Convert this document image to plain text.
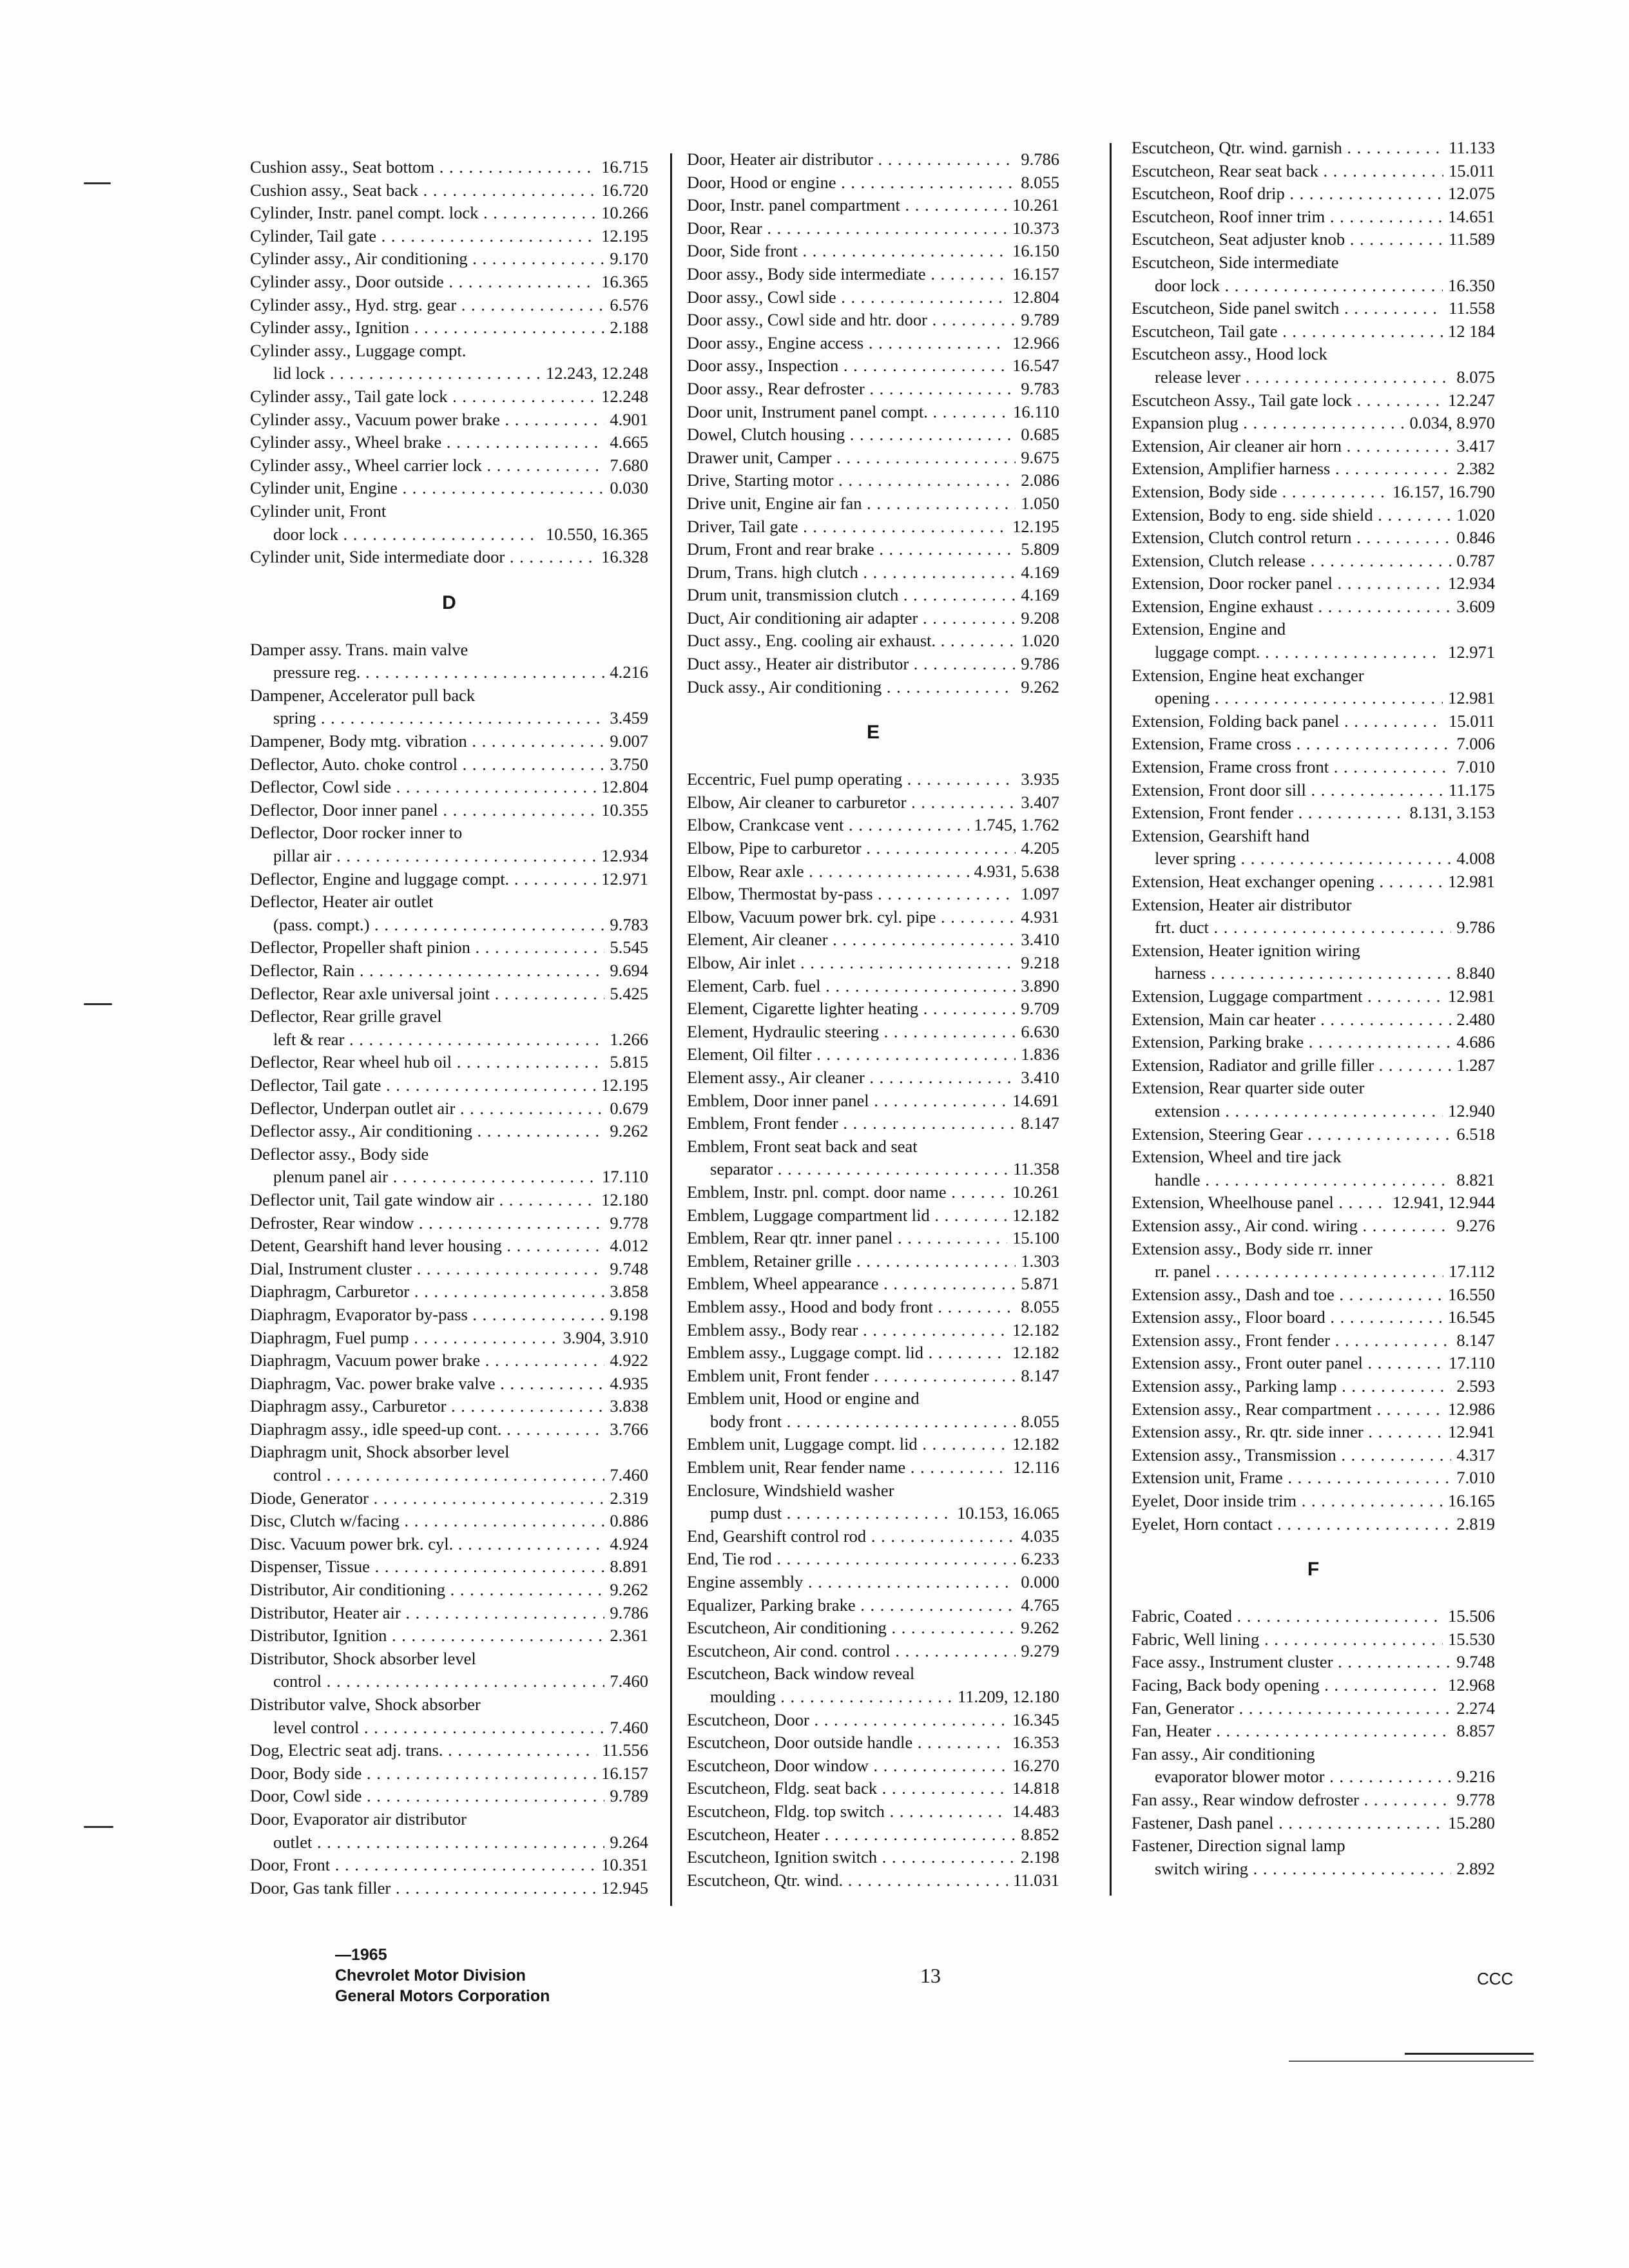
Cushion assy., Seat bottom . . .	16.715
Cushion assy., Seat back . . .	16.720
Cylinder, Instr. panel compt. lock . . .	10.266
Cylinder, Tail gate . . .	12.195
Cylinder assy., Air conditioning . . .	9.170
Cylinder assy., Door outside . . .	16.365
Cylinder assy., Hyd. strg. gear . . .	6.576
Cylinder assy., Ignition . . .	2.188
Cylinder assy., Luggage compt.
lid lock . . .	12.243, 12.248
Cylinder assy., Tail gate lock . . .	12.248
Cylinder assy., Vacuum power brake . . .	4.901
Cylinder assy., Wheel brake . . .	4.665
Cylinder assy., Wheel carrier lock . . .	7.680
Cylinder unit, Engine . . .	0.030
Cylinder unit, Front
door lock . . .	10.550, 16.365
Cylinder unit, Side intermediate door . . .	16.328
D
Damper assy. Trans. main valve
pressure reg. . . .	4.216
Dampener, Accelerator pull back
spring . . .	3.459
Dampener, Body mtg. vibration . . .	9.007
Deflector, Auto. choke control . . .	3.750
Deflector, Cowl side . . .	12.804
Deflector, Door inner panel . . .	10.355
Deflector, Door rocker inner to
pillar air . . .	12.934
Deflector, Engine and luggage compt. . . .	12.971
Deflector, Heater air outlet
(pass. compt.) . . .	9.783
Deflector, Propeller shaft pinion . . .	5.545
Deflector, Rain . . .	9.694
Deflector, Rear axle universal joint . . .	5.425
Deflector, Rear grille gravel
left & rear . . .	1.266
Deflector, Rear wheel hub oil . . .	5.815
Deflector, Tail gate . . .	12.195
Deflector, Underpan outlet air . . .	0.679
Deflector assy., Air conditioning . . .	9.262
Deflector assy., Body side
plenum panel air . . .	17.110
Deflector unit, Tail gate window air . . .	12.180
Defroster, Rear window . . .	9.778
Detent, Gearshift hand lever housing . . .	4.012
Dial, Instrument cluster . . .	9.748
Diaphragm, Carburetor . . .	3.858
Diaphragm, Evaporator by-pass . . .	9.198
Diaphragm, Fuel pump . . .	3.904, 3.910
Diaphragm, Vacuum power brake . . .	4.922
Diaphragm, Vac. power brake valve . . .	4.935
Diaphragm assy., Carburetor . . .	3.838
Diaphragm assy., idle speed-up cont. . . .	3.766
Diaphragm unit, Shock absorber level
control . . .	7.460
Diode, Generator . . .	2.319
Disc, Clutch w/facing . . .	0.886
Disc. Vacuum power brk. cyl. . . .	4.924
Dispenser, Tissue . . .	8.891
Distributor, Air conditioning . . .	9.262
Distributor, Heater air . . .	9.786
Distributor, Ignition . . .	2.361
Distributor, Shock absorber level
control . . .	7.460
Distributor valve, Shock absorber
level control . . .	7.460
Dog, Electric seat adj. trans. . . .	11.556
Door, Body side . . .	16.157
Door, Cowl side . . .	9.789
Door, Evaporator air distributor
outlet . . .	9.264
Door, Front . . .	10.351
Door, Gas tank filler . . .	12.945
Door, Heater air distributor . . .	9.786
Door, Hood or engine . . .	8.055
Door, Instr. panel compartment . . .	10.261
Door, Rear . . .	10.373
Door, Side front . . .	16.150
Door assy., Body side intermediate . . .	16.157
Door assy., Cowl side . . .	12.804
Door assy., Cowl side and htr. door . . .	9.789
Door assy., Engine access . . .	12.966
Door assy., Inspection . . .	16.547
Door assy., Rear defroster . . .	9.783
Door unit, Instrument panel compt. . . .	16.110
Dowel, Clutch housing . . .	0.685
Drawer unit, Camper . . .	9.675
Drive, Starting motor . . .	2.086
Drive unit, Engine air fan . . .	1.050
Driver, Tail gate . . .	12.195
Drum, Front and rear brake . . .	5.809
Drum, Trans. high clutch . . .	4.169
Drum unit, transmission clutch . . .	4.169
Duct, Air conditioning air adapter . . .	9.208
Duct assy., Eng. cooling air exhaust. . . .	1.020
Duct assy., Heater air distributor . . .	9.786
Duck assy., Air conditioning . . .	9.262
E
Eccentric, Fuel pump operating . . .	3.935
Elbow, Air cleaner to carburetor . . .	3.407
Elbow, Crankcase vent . . .	1.745, 1.762
Elbow, Pipe to carburetor . . .	4.205
Elbow, Rear axle . . .	4.931, 5.638
Elbow, Thermostat by-pass . . .	1.097
Elbow, Vacuum power brk. cyl. pipe . . .	4.931
Element, Air cleaner . . .	3.410
Elbow, Air inlet . . .	9.218
Element, Carb. fuel . . .	3.890
Element, Cigarette lighter heating . . .	9.709
Element, Hydraulic steering . . .	6.630
Element, Oil filter . . .	1.836
Element assy., Air cleaner . . .	3.410
Emblem, Door inner panel . . .	14.691
Emblem, Front fender . . .	8.147
Emblem, Front seat back and seat
separator . . .	11.358
Emblem, Instr. pnl. compt. door name . . .	10.261
Emblem, Luggage compartment lid . . .	12.182
Emblem, Rear qtr. inner panel . . .	15.100
Emblem, Retainer grille . . .	1.303
Emblem, Wheel appearance . . .	5.871
Emblem assy., Hood and body front . . .	8.055
Emblem assy., Body rear . . .	12.182
Emblem assy., Luggage compt. lid . . .	12.182
Emblem unit, Front fender . . .	8.147
Emblem unit, Hood or engine and
body front . . .	8.055
Emblem unit, Luggage compt. lid . . .	12.182
Emblem unit, Rear fender name . . .	12.116
Enclosure, Windshield washer
pump dust . . .	10.153, 16.065
End, Gearshift control rod . . .	4.035
End, Tie rod . . .	6.233
Engine assembly . . .	0.000
Equalizer, Parking brake . . .	4.765
Escutcheon, Air conditioning . . .	9.262
Escutcheon, Air cond. control . . .	9.279
Escutcheon, Back window reveal
moulding . . .	11.209, 12.180
Escutcheon, Door . . .	16.345
Escutcheon, Door outside handle . . .	16.353
Escutcheon, Door window . . .	16.270
Escutcheon, Fldg. seat back . . .	14.818
Escutcheon, Fldg. top switch . . .	14.483
Escutcheon, Heater . . .	8.852
Escutcheon, Ignition switch . . .	2.198
Escutcheon, Qtr. wind. . . .	11.031
Escutcheon, Qtr. wind. garnish . . .	11.133
Escutcheon, Rear seat back . . .	15.011
Escutcheon, Roof drip . . .	12.075
Escutcheon, Roof inner trim . . .	14.651
Escutcheon, Seat adjuster knob . . .	11.589
Escutcheon, Side intermediate
door lock . . .	16.350
Escutcheon, Side panel switch . . .	11.558
Escutcheon, Tail gate . . .	12 184
Escutcheon assy., Hood lock
release lever . . .	8.075
Escutcheon Assy., Tail gate lock . . .	12.247
Expansion plug . . .	0.034, 8.970
Extension, Air cleaner air horn . . .	3.417
Extension, Amplifier harness . . .	2.382
Extension, Body side . . .	16.157, 16.790
Extension, Body to eng. side shield . . .	1.020
Extension, Clutch control return . . .	0.846
Extension, Clutch release . . .	0.787
Extension, Door rocker panel . . .	12.934
Extension, Engine exhaust . . .	3.609
Extension, Engine and
luggage compt. . . .	12.971
Extension, Engine heat exchanger
opening . . .	12.981
Extension, Folding back panel . . .	15.011
Extension, Frame cross . . .	7.006
Extension, Frame cross front . . .	7.010
Extension, Front door sill . . .	11.175
Extension, Front fender . . .	8.131, 3.153
Extension, Gearshift hand
lever spring . . .	4.008
Extension, Heat exchanger opening . . .	12.981
Extension, Heater air distributor
frt. duct . . .	9.786
Extension, Heater ignition wiring
harness . . .	8.840
Extension, Luggage compartment . . .	12.981
Extension, Main car heater . . .	2.480
Extension, Parking brake . . .	4.686
Extension, Radiator and grille filler . . .	1.287
Extension, Rear quarter side outer
extension . . .	12.940
Extension, Steering Gear . . .	6.518
Extension, Wheel and tire jack
handle . . .	8.821
Extension, Wheelhouse panel . . .	12.941, 12.944
Extension assy., Air cond. wiring . . .	9.276
Extension assy., Body side rr. inner
rr. panel . . .	17.112
Extension assy., Dash and toe . . .	16.550
Extension assy., Floor board . . .	16.545
Extension assy., Front fender . . .	8.147
Extension assy., Front outer panel . . .	17.110
Extension assy., Parking lamp . . .	2.593
Extension assy., Rear compartment . . .	12.986
Extension assy., Rr. qtr. side inner . . .	12.941
Extension assy., Transmission . . .	4.317
Extension unit, Frame . . .	7.010
Eyelet, Door inside trim . . .	16.165
Eyelet, Horn contact . . .	2.819
F
Fabric, Coated . . .	15.506
Fabric, Well lining . . .	15.530
Face assy., Instrument cluster . . .	9.748
Facing, Back body opening . . .	12.968
Fan, Generator . . .	2.274
Fan, Heater . . .	8.857
Fan assy., Air conditioning
evaporator blower motor . . .	9.216
Fan assy., Rear window defroster . . .	9.778
Fastener, Dash panel . . .	15.280
Fastener, Direction signal lamp
switch wiring . . .	2.892
—1965
Chevrolet Motor Division
General Motors Corporation
13	CCC
